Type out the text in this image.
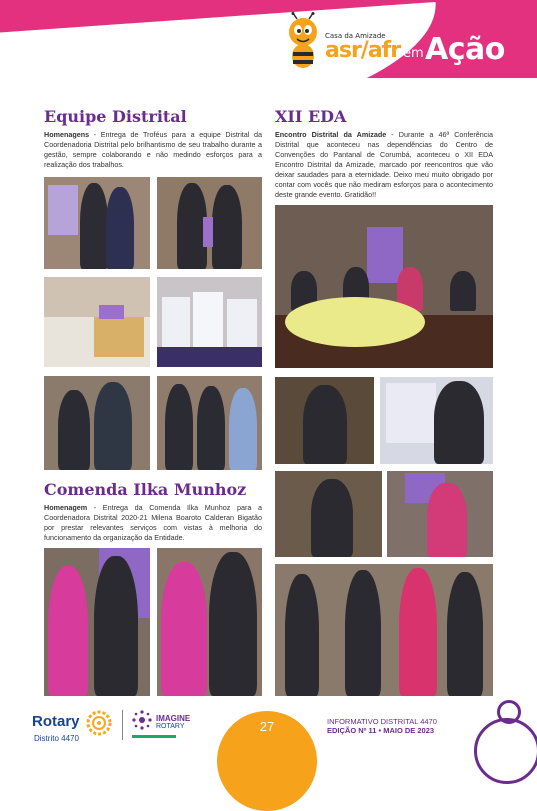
Casa da Amizade
asr/afr em Ação
Equipe Distrital

Homenagens - Entrega de Troféus para a equipe Distrital da Coordenadoria Distrital pelo brilhantismo de seu trabalho durante a gestão, sempre colaborando e não medindo esforços para a realização dos trabalhos.

Comenda Ilka Munhoz

Homenagem - Entrega da Comenda Ilka Munhoz para a Coordenadora Distrital 2020-21 Milena Boaroto Calderan Bigatão por prestar relevantes serviços com vistas à melhoria do funcionamento da organização da Entidade.

XII EDA

Encontro Distrital da Amizade - Durante a 46ª Conferência Distrital que aconteceu nas dependências do Centro de Convenções do Pantanal de Corumbá, aconteceu o XII EDA Encontro Distrital da Amizade, marcado por reencontros que vão deixar saudades para a eternidade. Deixo meu muito obrigado por contar com vocês que não mediram esforços para o acontecimento deste grande evento. Gratidão!!

Rotary
Distrito 4470
IMAGINE
ROTARY	27	INFORMATIVO DISTRITAL 4470
EDIÇÃO Nº 11 • MAIO DE 2023
